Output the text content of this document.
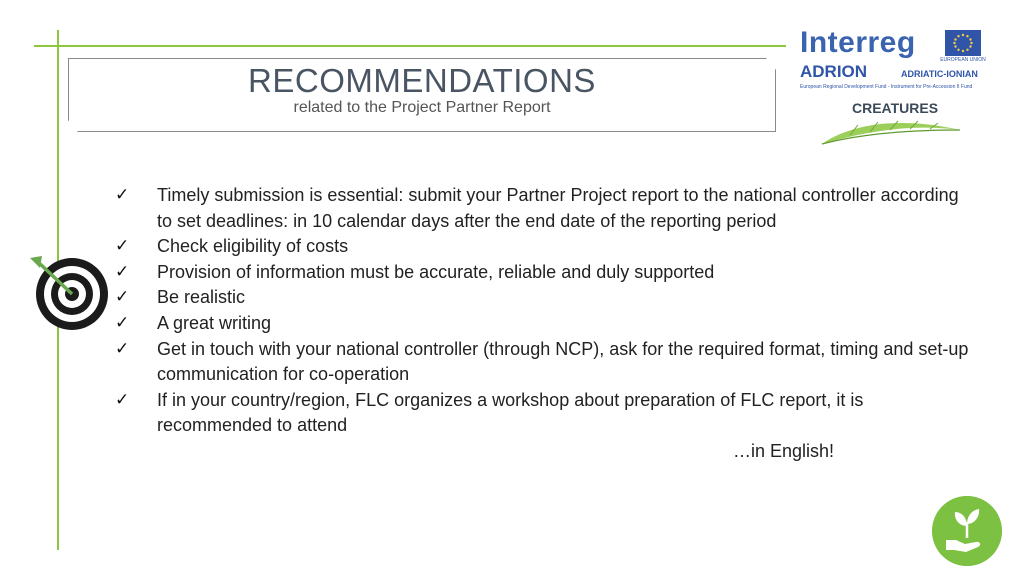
RECOMMENDATIONS
related to the Project Partner Report
Interreg
EUROPEAN UNION
ADRION	ADRIATIC-IONIAN
European Regional Development Fund - Instrument for Pre-Accession II Fund
CREATURES
✓ Timely submission is essential: submit your Partner Project report to the national controller according to set deadlines: in 10 calendar days after the end date of the reporting period
✓ Check eligibility of costs
✓ Provision of information must be accurate, reliable and duly supported
✓ Be realistic
✓ A great writing
✓ Get in touch with your national controller (through NCP), ask for the required format, timing and set-up communication for co-operation
✓ If in your country/region, FLC organizes a workshop about preparation of FLC report, it is recommended to attend
…in English!
